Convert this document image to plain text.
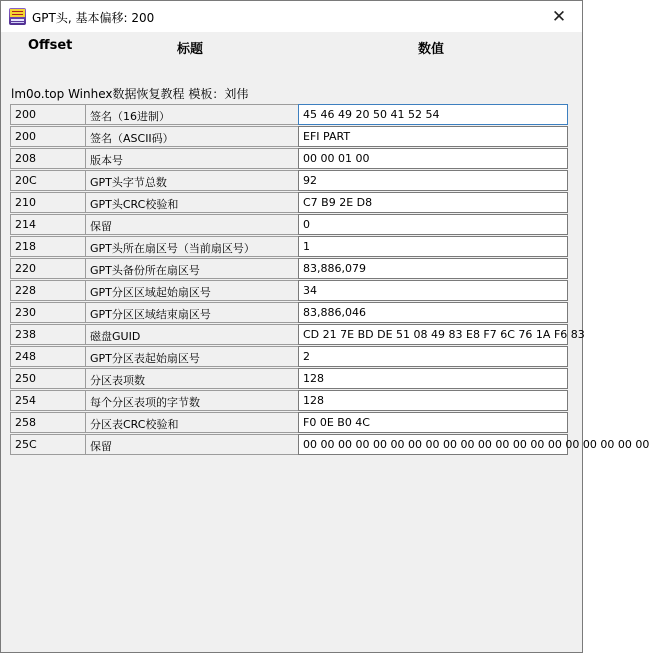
GPT头, 基本偏移: 200	✕
Offset	标题	数值
lm0o.top Winhex数据恢复教程 模板：刘伟
200	签名（16进制）	45 46 49 20 50 41 52 54
200	签名（ASCII码）	EFI PART
208	版本号	00 00 01 00
20C	GPT头字节总数	92
210	GPT头CRC校验和	C7 B9 2E D8
214	保留	0
218	GPT头所在扇区号（当前扇区号）	1
220	GPT头备份所在扇区号	83,886,079
228	GPT分区区域起始扇区号	34
230	GPT分区区域结束扇区号	83,886,046
238	磁盘GUID	CD 21 7E BD DE 51 08 49 83 E8 F7 6C 76 1A F6 83
248	GPT分区表起始扇区号	2
250	分区表项数	128
254	每个分区表项的字节数	128
258	分区表CRC校验和	F0 0E B0 4C
25C	保留	00 00 00 00 00 00 00 00 00 00 00 00 00 00 00 00 00 00 00 00
